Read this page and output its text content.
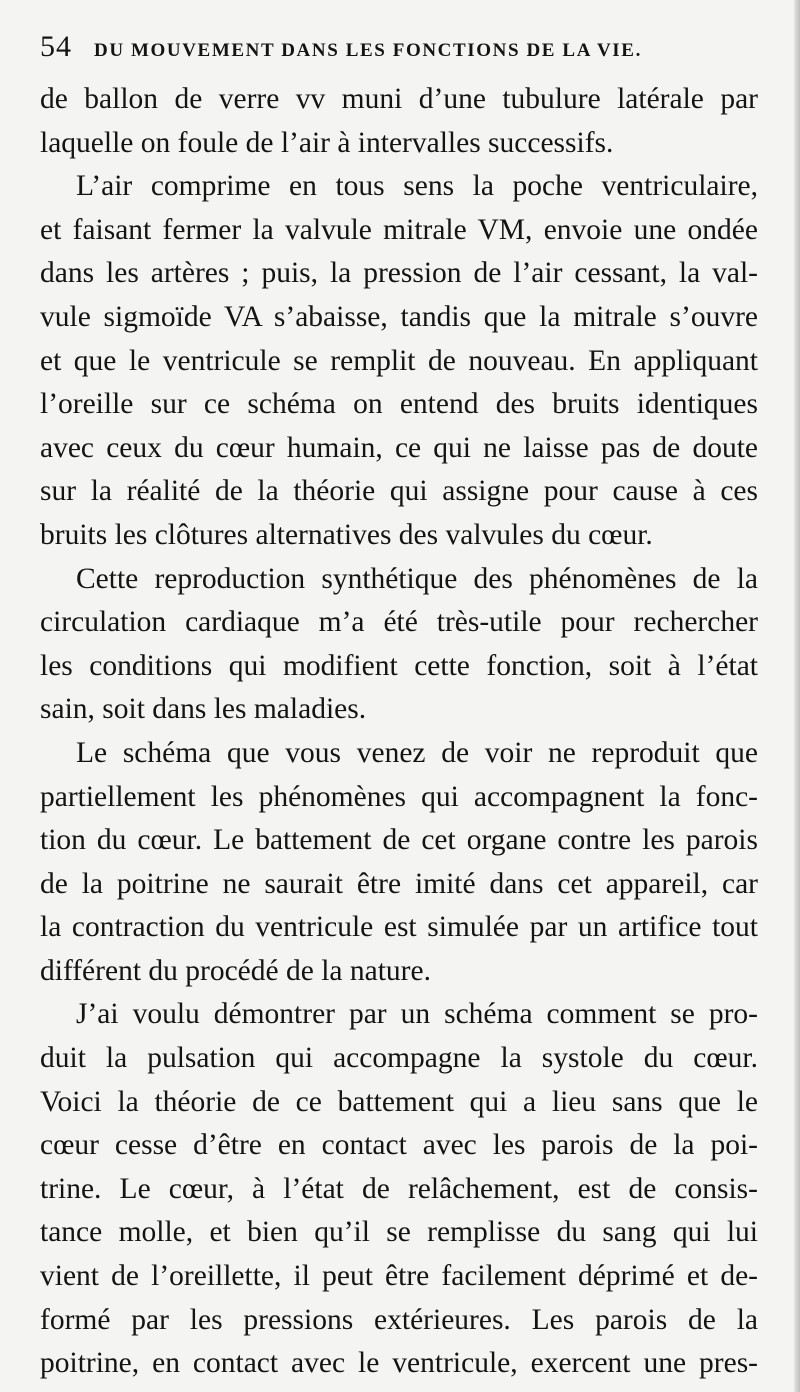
54 DU MOUVEMENT DANS LES FONCTIONS DE LA VIE.
de ballon de verre vv muni d’une tubulure latérale par
laquelle on foule de l’air à intervalles successifs.
L’air comprime en tous sens la poche ventriculaire,
et faisant fermer la valvule mitrale VM, envoie une ondée
dans les artères ; puis, la pression de l’air cessant, la val-
vule sigmoïde VA s’abaisse, tandis que la mitrale s’ouvre
et que le ventricule se remplit de nouveau. En appliquant
l’oreille sur ce schéma on entend des bruits identiques
avec ceux du cœur humain, ce qui ne laisse pas de doute
sur la réalité de la théorie qui assigne pour cause à ces
bruits les clôtures alternatives des valvules du cœur.
Cette reproduction synthétique des phénomènes de la
circulation cardiaque m’a été très-utile pour rechercher
les conditions qui modifient cette fonction, soit à l’état
sain, soit dans les maladies.
Le schéma que vous venez de voir ne reproduit que
partiellement les phénomènes qui accompagnent la fonc-
tion du cœur. Le battement de cet organe contre les parois
de la poitrine ne saurait être imité dans cet appareil, car
la contraction du ventricule est simulée par un artifice tout
différent du procédé de la nature.
J’ai voulu démontrer par un schéma comment se pro-
duit la pulsation qui accompagne la systole du cœur.
Voici la théorie de ce battement qui a lieu sans que le
cœur cesse d’être en contact avec les parois de la poi-
trine. Le cœur, à l’état de relâchement, est de consis-
tance molle, et bien qu’il se remplisse du sang qui lui
vient de l’oreillette, il peut être facilement déprimé et de-
formé par les pressions extérieures. Les parois de la
poitrine, en contact avec le ventricule, exercent une pres-
